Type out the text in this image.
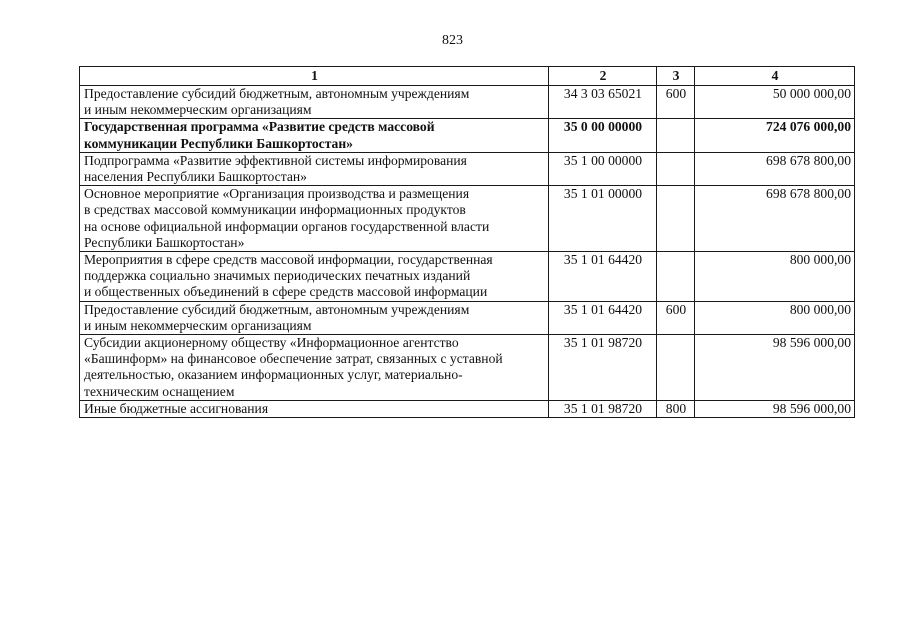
823
1	2	3	4
Предоставление субсидий бюджетным, автономным учреждениям
и иным некоммерческим организациям	34 3 03 65021	600	50 000 000,00
Государственная программа «Развитие средств массовой
коммуникации Республики Башкортостан»	35 0 00 00000		724 076 000,00
Подпрограмма «Развитие эффективной системы информирования
населения Республики Башкортостан»	35 1 00 00000		698 678 800,00
Основное мероприятие «Организация производства и размещения
в средствах массовой коммуникации информационных продуктов
на основе официальной информации органов государственной власти
Республики Башкортостан»	35 1 01 00000		698 678 800,00
Мероприятия в сфере средств массовой информации, государственная
поддержка социально значимых периодических печатных изданий
и общественных объединений в сфере средств массовой информации	35 1 01 64420		800 000,00
Предоставление субсидий бюджетным, автономным учреждениям
и иным некоммерческим организациям	35 1 01 64420	600	800 000,00
Субсидии акционерному обществу «Информационное агентство
«Башинформ» на финансовое обеспечение затрат, связанных с уставной
деятельностью, оказанием информационных услуг, материально-
техническим оснащением	35 1 01 98720		98 596 000,00
Иные бюджетные ассигнования	35 1 01 98720	800	98 596 000,00
